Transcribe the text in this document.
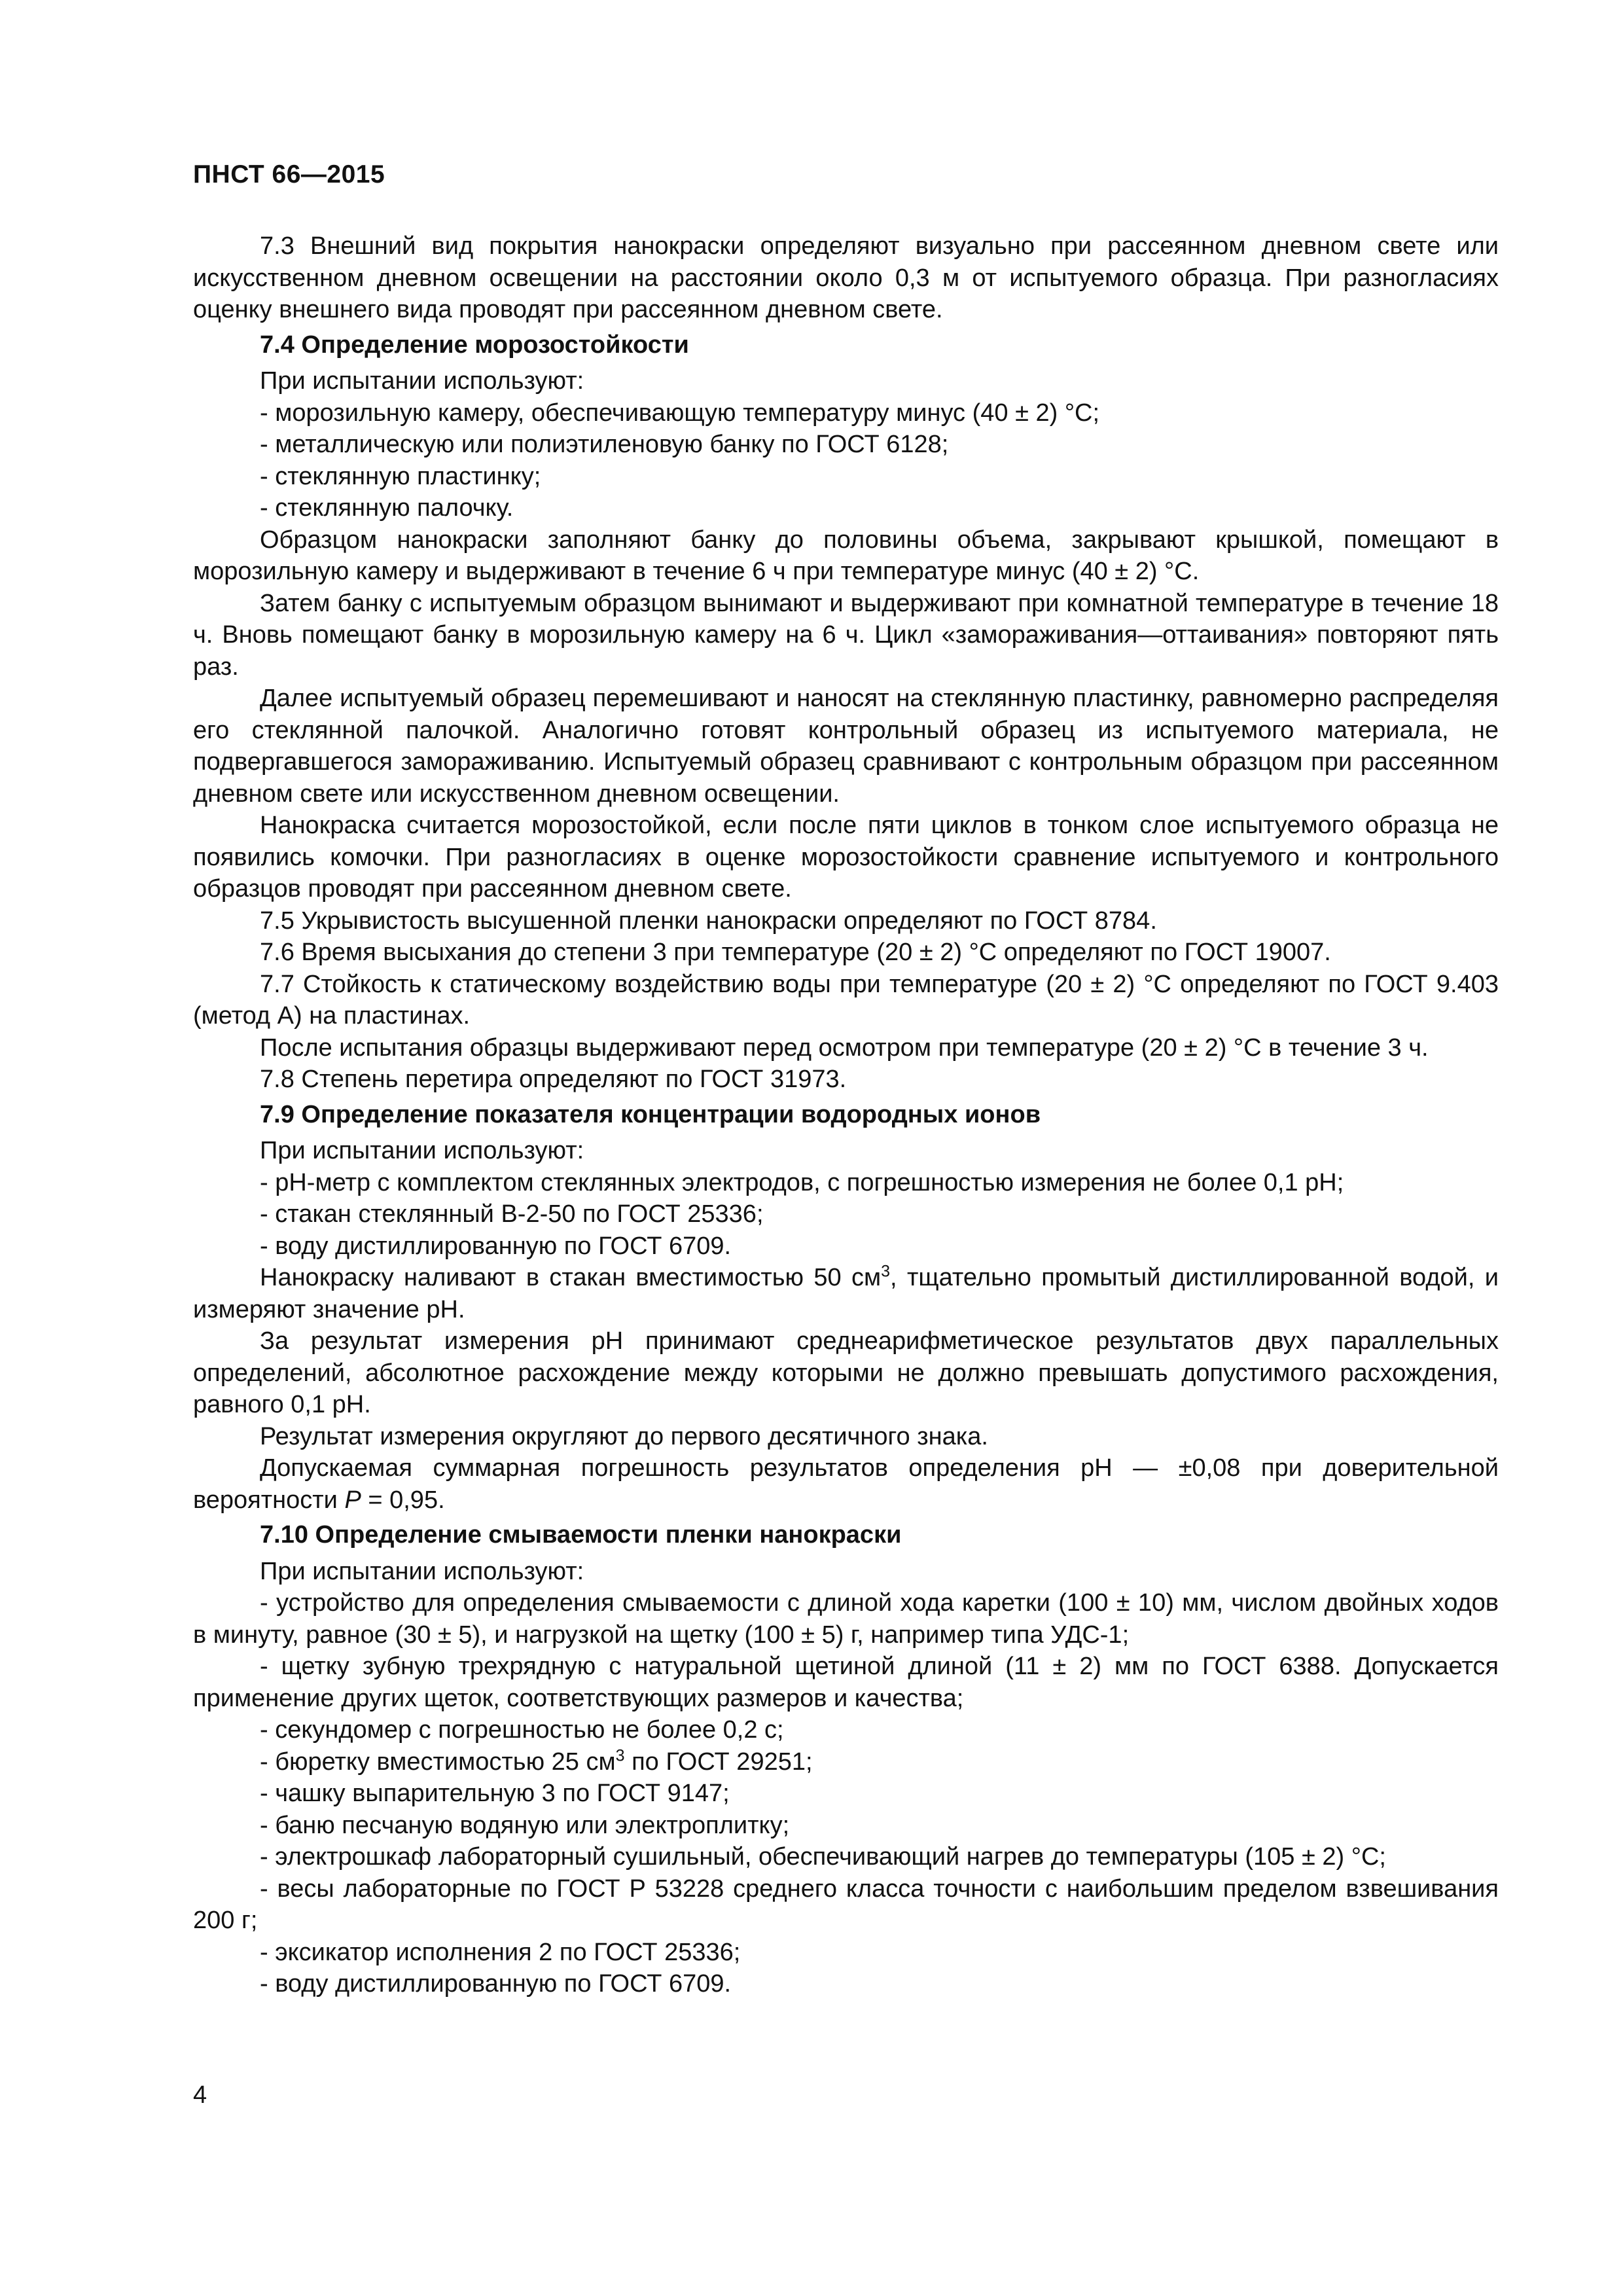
ПНСТ 66—2015

7.3 Внешний вид покрытия нанокраски определяют визуально при рассеянном дневном свете или искусственном дневном освещении на расстоянии около 0,3 м от испытуемого образца. При разногласиях оценку внешнего вида проводят при рассеянном дневном свете.

7.4 Определение морозостойкости

При испытании используют:

- морозильную камеру, обеспечивающую температуру минус (40 ± 2) °С;

- металлическую или полиэтиленовую банку по ГОСТ 6128;

- стеклянную пластинку;

- стеклянную палочку.

Образцом нанокраски заполняют банку до половины объема, закрывают крышкой, помещают в морозильную камеру и выдерживают в течение 6 ч при температуре минус (40 ± 2) °С.

Затем банку с испытуемым образцом вынимают и выдерживают при комнатной температуре в течение 18 ч. Вновь помещают банку в морозильную камеру на 6 ч. Цикл «замораживания—оттаивания» повторяют пять раз.

Далее испытуемый образец перемешивают и наносят на стеклянную пластинку, равномерно распределяя его стеклянной палочкой. Аналогично готовят контрольный образец из испытуемого материала, не подвергавшегося замораживанию. Испытуемый образец сравнивают с контрольным образцом при рассеянном дневном свете или искусственном дневном освещении.

Нанокраска считается морозостойкой, если после пяти циклов в тонком слое испытуемого образца не появились комочки. При разногласиях в оценке морозостойкости сравнение испытуемого и контрольного образцов проводят при рассеянном дневном свете.

7.5 Укрывистость высушенной пленки нанокраски определяют по ГОСТ 8784.

7.6 Время высыхания до степени 3 при температуре (20 ± 2) °С определяют по ГОСТ 19007.

7.7 Стойкость к статическому воздействию воды при температуре (20 ± 2) °С определяют по ГОСТ 9.403 (метод А) на пластинах.

После испытания образцы выдерживают перед осмотром при температуре (20 ± 2) °С в течение 3 ч.

7.8 Степень перетира определяют по ГОСТ 31973.

7.9 Определение показателя концентрации водородных ионов

При испытании используют:

- pH-метр с комплектом стеклянных электродов, с погрешностью измерения не более 0,1 pH;

- стакан стеклянный В-2-50 по ГОСТ 25336;

- воду дистиллированную по ГОСТ 6709.

Нанокраску наливают в стакан вместимостью 50 $см^3$, тщательно промытый дистиллированной водой, и измеряют значение pH.

За результат измерения pH принимают среднеарифметическое результатов двух параллельных определений, абсолютное расхождение между которыми не должно превышать допустимого расхождения, равного 0,1 pH.

Результат измерения округляют до первого десятичного знака.

Допускаемая суммарная погрешность результатов определения pH — ±0,08 при доверительной вероятности P = 0,95.

7.10 Определение смываемости пленки нанокраски

При испытании используют:

- устройство для определения смываемости с длиной хода каретки (100 ± 10) мм, числом двойных ходов в минуту, равное (30 ± 5), и нагрузкой на щетку (100 ± 5) г, например типа УДС-1;

- щетку зубную трехрядную с натуральной щетиной длиной (11 ± 2) мм по ГОСТ 6388. Допускается применение других щеток, соответствующих размеров и качества;

- секундомер с погрешностью не более 0,2 с;

- бюретку вместимостью 25 $см^3$ по ГОСТ 29251;

- чашку выпарительную 3 по ГОСТ 9147;

- баню песчаную водяную или электроплитку;

- электрошкаф лабораторный сушильный, обеспечивающий нагрев до температуры (105 ± 2) °С;

- весы лабораторные по ГОСТ Р 53228 среднего класса точности с наибольшим пределом взвешивания 200 г;

- эксикатор исполнения 2 по ГОСТ 25336;

- воду дистиллированную по ГОСТ 6709.

4
